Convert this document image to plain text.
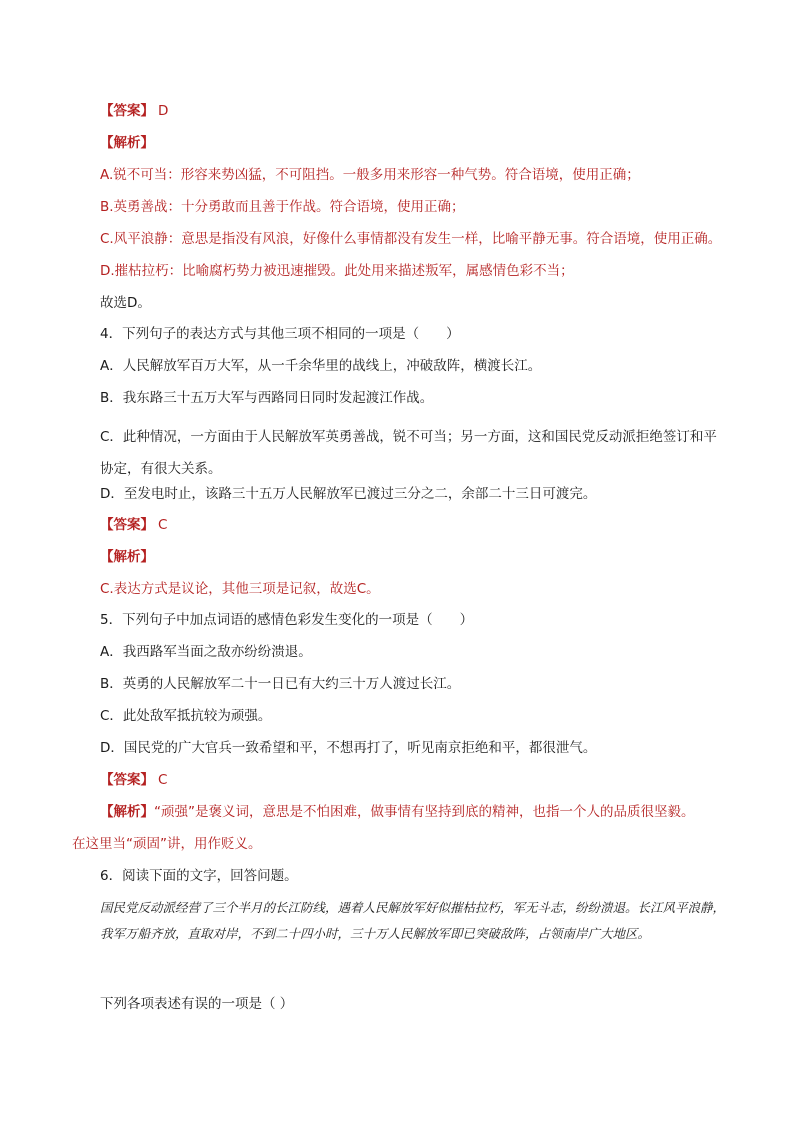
【答案】 D
【解析】
A.锐不可当：形容来势凶猛，不可阻挡。一般多用来形容一种气势。符合语境，使用正确；
B.英勇善战：十分勇敢而且善于作战。符合语境，使用正确；
C.风平浪静：意思是指没有风浪，好像什么事情都没有发生一样，比喻平静无事。符合语境，使用正确。
D.摧枯拉朽：比喻腐朽势力被迅速摧毁。此处用来描述叛军，属感情色彩不当；
故选D。
4．下列句子的表达方式与其他三项不相同的一项是（　　）
A．人民解放军百万大军，从一千余华里的战线上，冲破敌阵，横渡长江。
B．我东路三十五万大军与西路同日同时发起渡江作战。
C．此种情况，一方面由于人民解放军英勇善战，锐不可当；另一方面，这和国民党反动派拒绝签订和平协定，有很大关系。
D．至发电时止，该路三十五万人民解放军已渡过三分之二，余部二十三日可渡完。
【答案】 C
【解析】
C.表达方式是议论，其他三项是记叙，故选C。
5．下列句子中加点词语的感情色彩发生变化的一项是（　　）
A．我西路军当面之敌亦纷纷溃退。
B．英勇的人民解放军二十一日已有大约三十万人渡过长江。
C．此处敌军抵抗较为顽强。
D．国民党的广大官兵一致希望和平，不想再打了，听见南京拒绝和平，都很泄气。
【答案】 C
【解析】“顽强”是褒义词，意思是不怕困难，做事情有坚持到底的精神，也指一个人的品质很坚毅。
在这里当“顽固”讲，用作贬义。
6．阅读下面的文字，回答问题。

国民党反动派经营了三个半月的长江防线，遇着人民解放军好似摧枯拉朽，军无斗志，纷纷溃退。长江风平浪静，我军万船齐放，直取对岸，不到二十四小时，三十万人民解放军即已突破敌阵，占领南岸广大地区。

下列各项表述有误的一项是（ ）
